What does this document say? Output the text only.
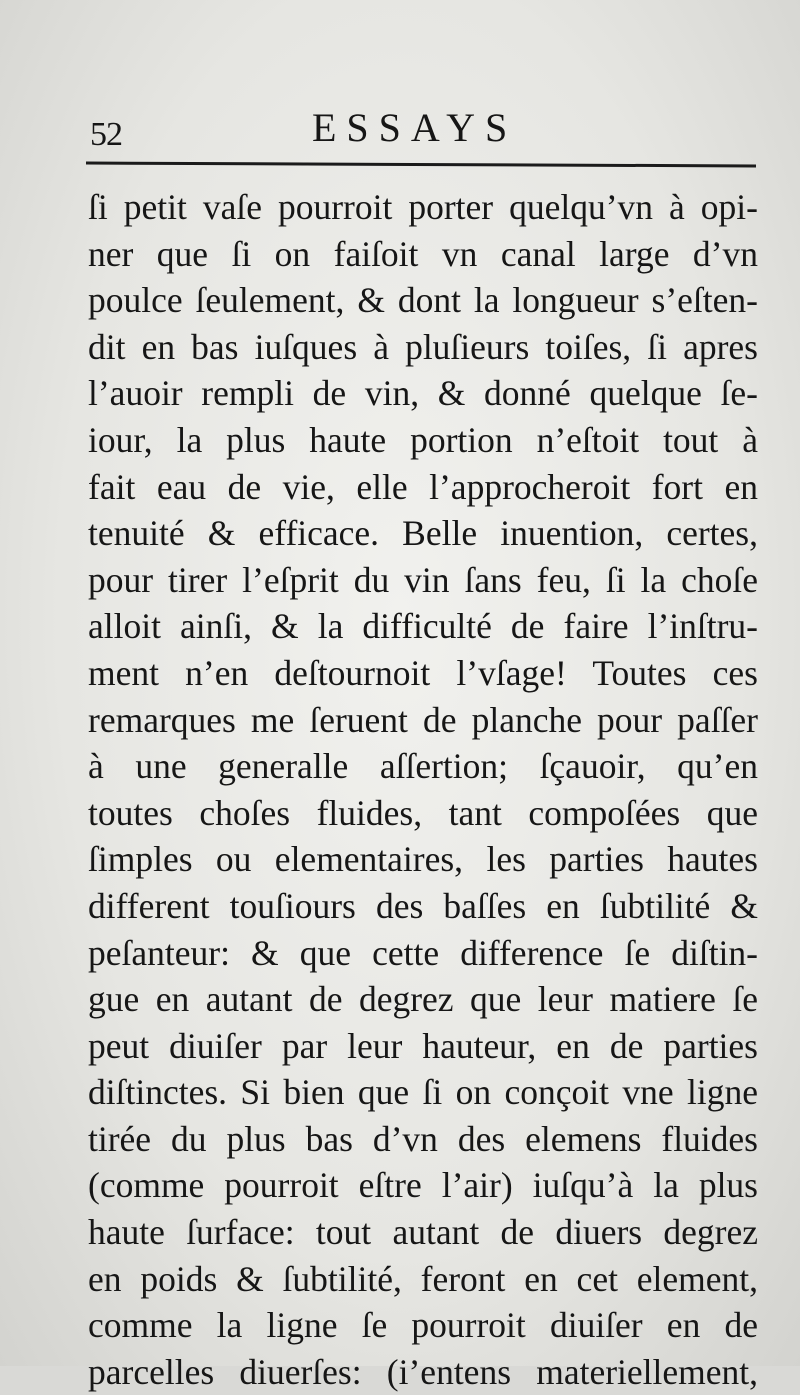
52	ESSAYS
ſi petit vaſe pourroit porter quelqu’vn à opi-
ner que ſi on faiſoit vn canal large d’vn
poulce ſeulement, & dont la longueur s’eſten-
dit en bas iuſques à pluſieurs toiſes, ſi apres
l’auoir rempli de vin, & donné quelque ſe-
iour, la plus haute portion n’eſtoit tout à
fait eau de vie, elle l’approcheroit fort en
tenuité & efficace. Belle inuention, certes,
pour tirer l’eſprit du vin ſans feu, ſi la choſe
alloit ainſi, & la difficulté de faire l’inſtru-
ment n’en deſtournoit l’vſage! Toutes ces
remarques me ſeruent de planche pour paſſer
à une generalle aſſertion; ſçauoir, qu’en
toutes choſes fluides, tant compoſées que
ſimples ou elementaires, les parties hautes
different touſiours des baſſes en ſubtilité &
peſanteur: & que cette difference ſe diſtin-
gue en autant de degrez que leur matiere ſe
peut diuiſer par leur hauteur, en de parties
diſtinctes. Si bien que ſi on conçoit vne ligne
tirée du plus bas d’vn des elemens fluides
(comme pourroit eſtre l’air) iuſqu’à la plus
haute ſurface: tout autant de diuers degrez
en poids & ſubtilité, feront en cet element,
comme la ligne ſe pourroit diuiſer en de
parcelles diuerſes: (i’entens materiellement,
